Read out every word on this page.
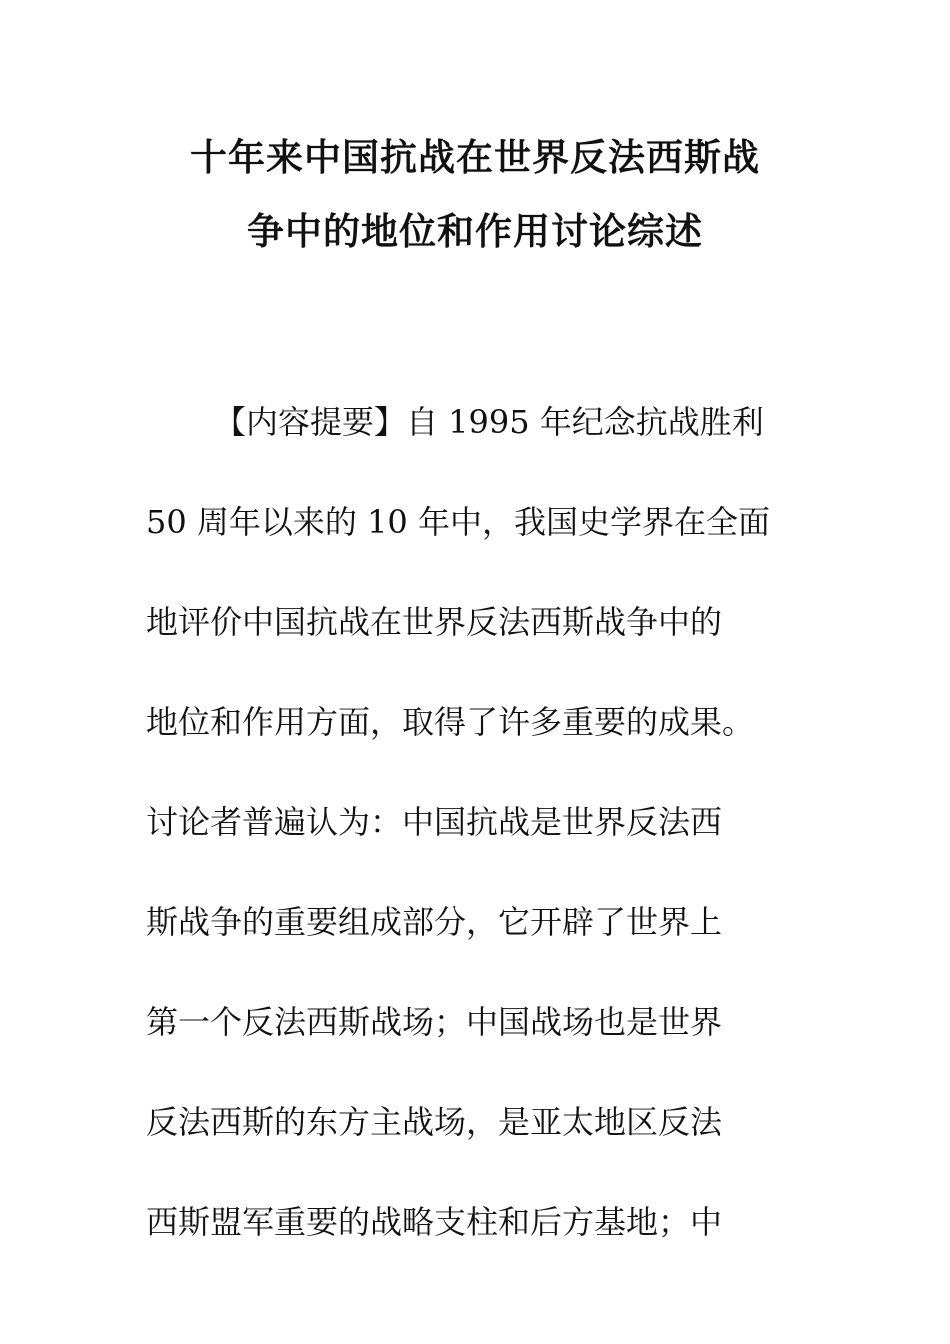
十年来中国抗战在世界反法西斯战
争中的地位和作用讨论综述
【内容提要】自 1995 年纪念抗战胜利
50 周年以来的 10 年中，我国史学界在全面
地评价中国抗战在世界反法西斯战争中的
地位和作用方面，取得了许多重要的成果。
讨论者普遍认为：中国抗战是世界反法西
斯战争的重要组成部分，它开辟了世界上
第一个反法西斯战场；中国战场也是世界
反法西斯的东方主战场，是亚太地区反法
西斯盟军重要的战略支柱和后方基地；中
